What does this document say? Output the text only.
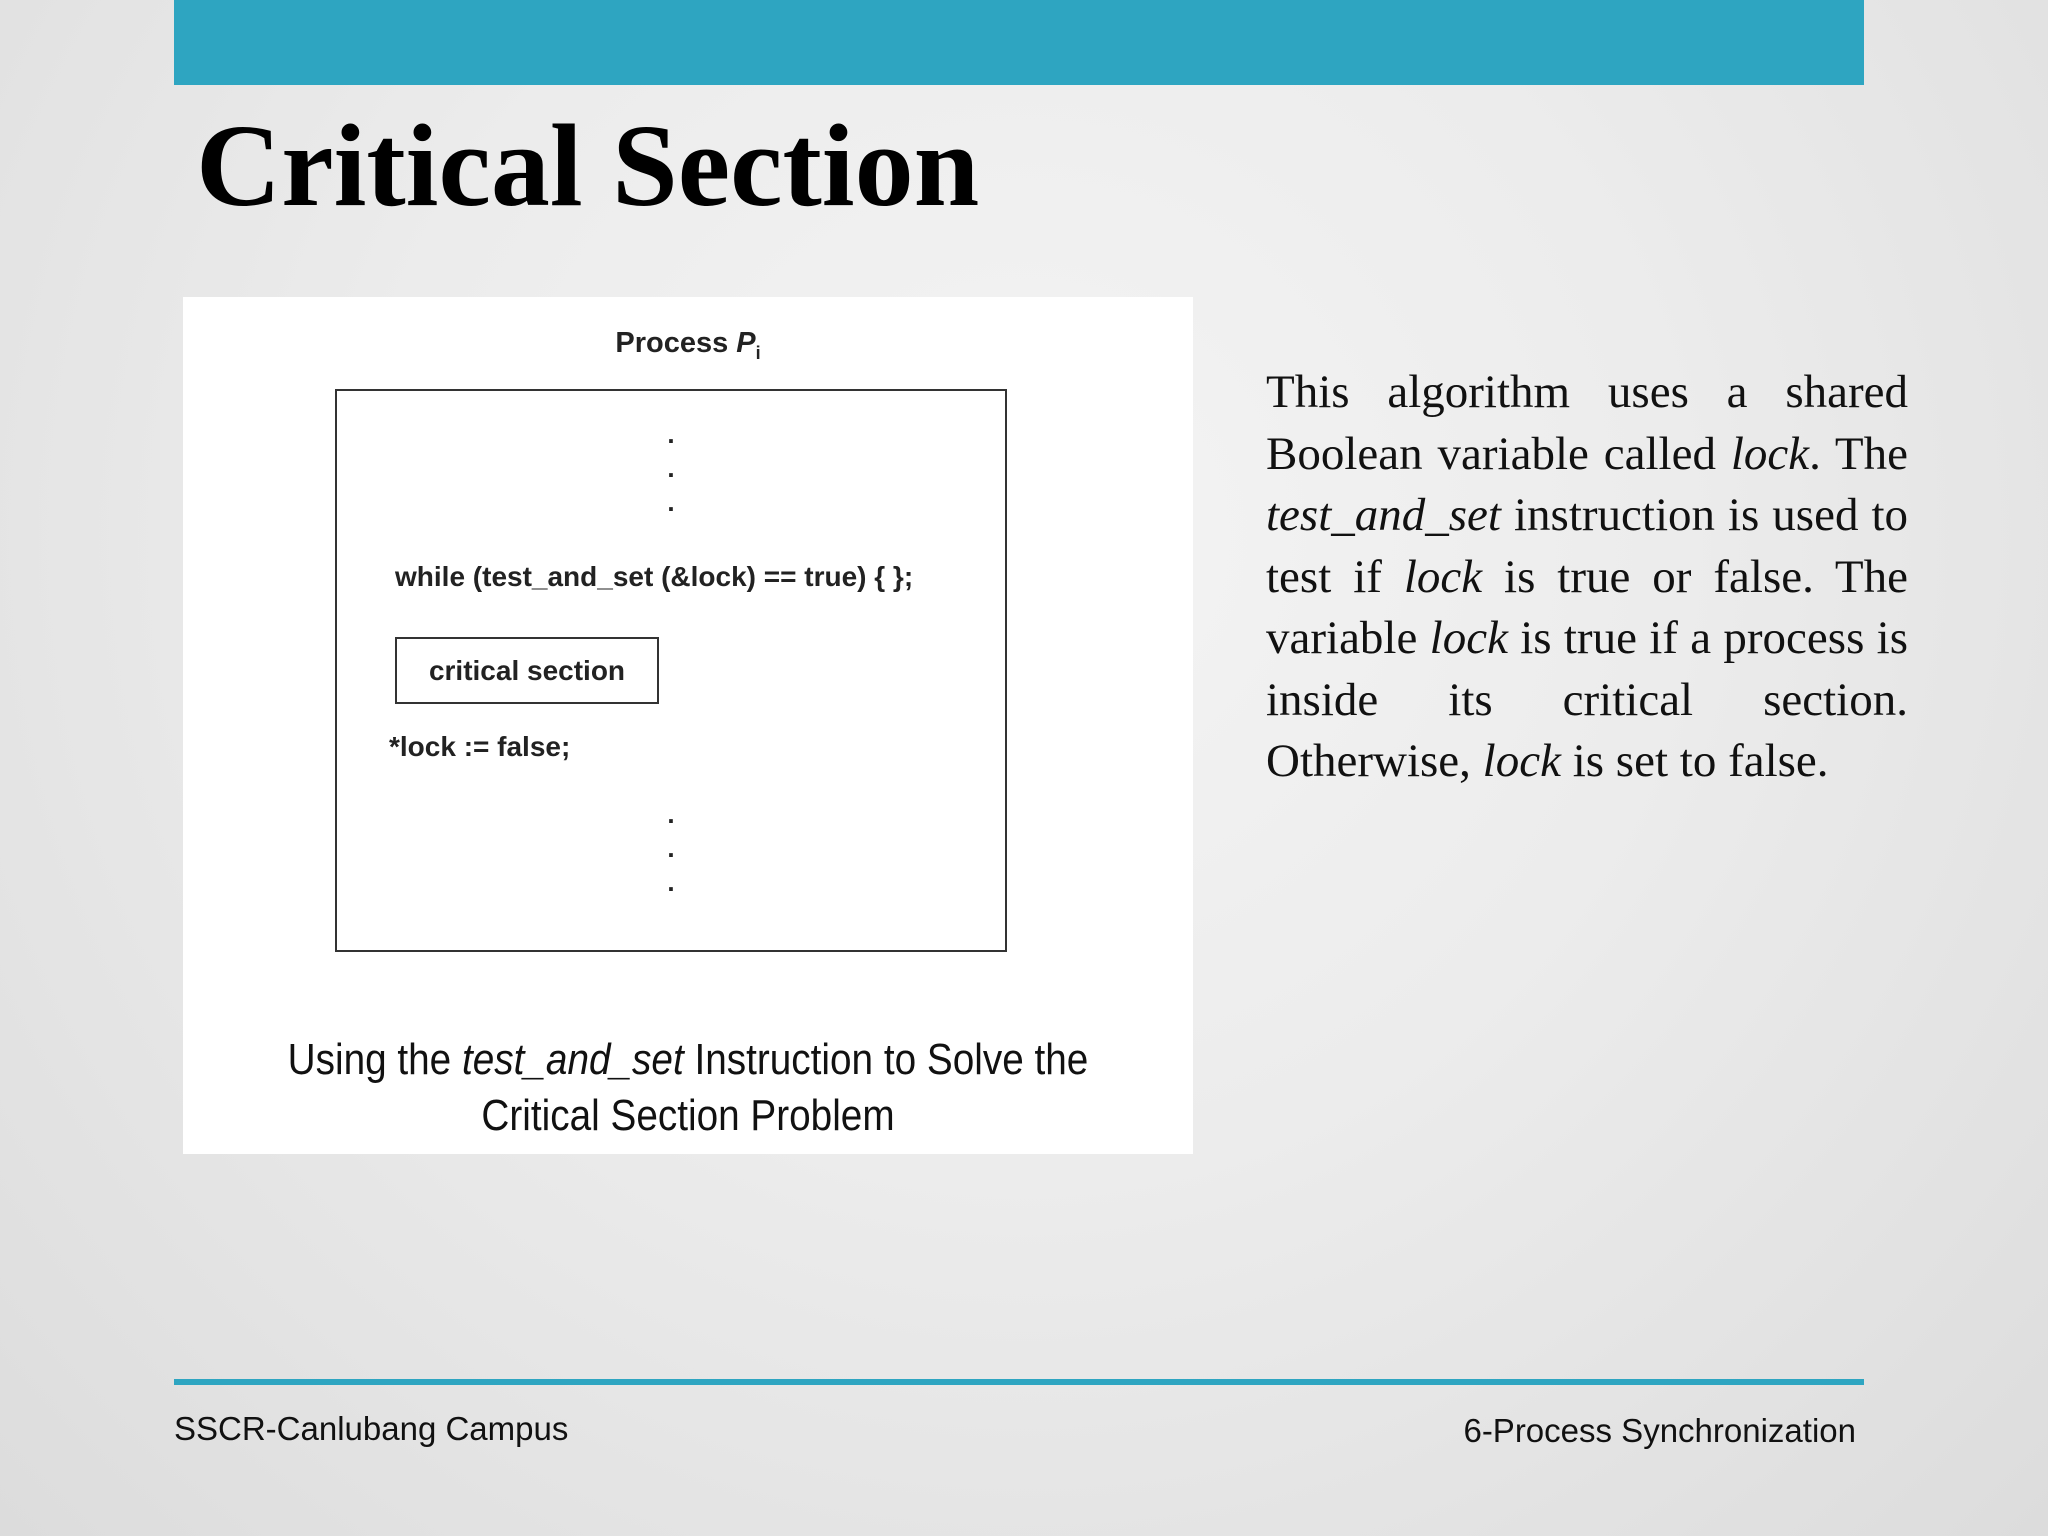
Critical Section
Process $P_i$
.
.
.
while (test_and_set (&lock) == true) { };
critical section
*lock := false;
.
.
.
Using the test_and_set Instruction to Solve the Critical Section Problem

This algorithm uses a shared Boolean variable called lock. The test_and_set instruction is used to test if lock is true or false. The variable lock is true if a process is inside its critical section. Otherwise, lock is set to false.

SSCR-Canlubang Campus	6-Process Synchronization
